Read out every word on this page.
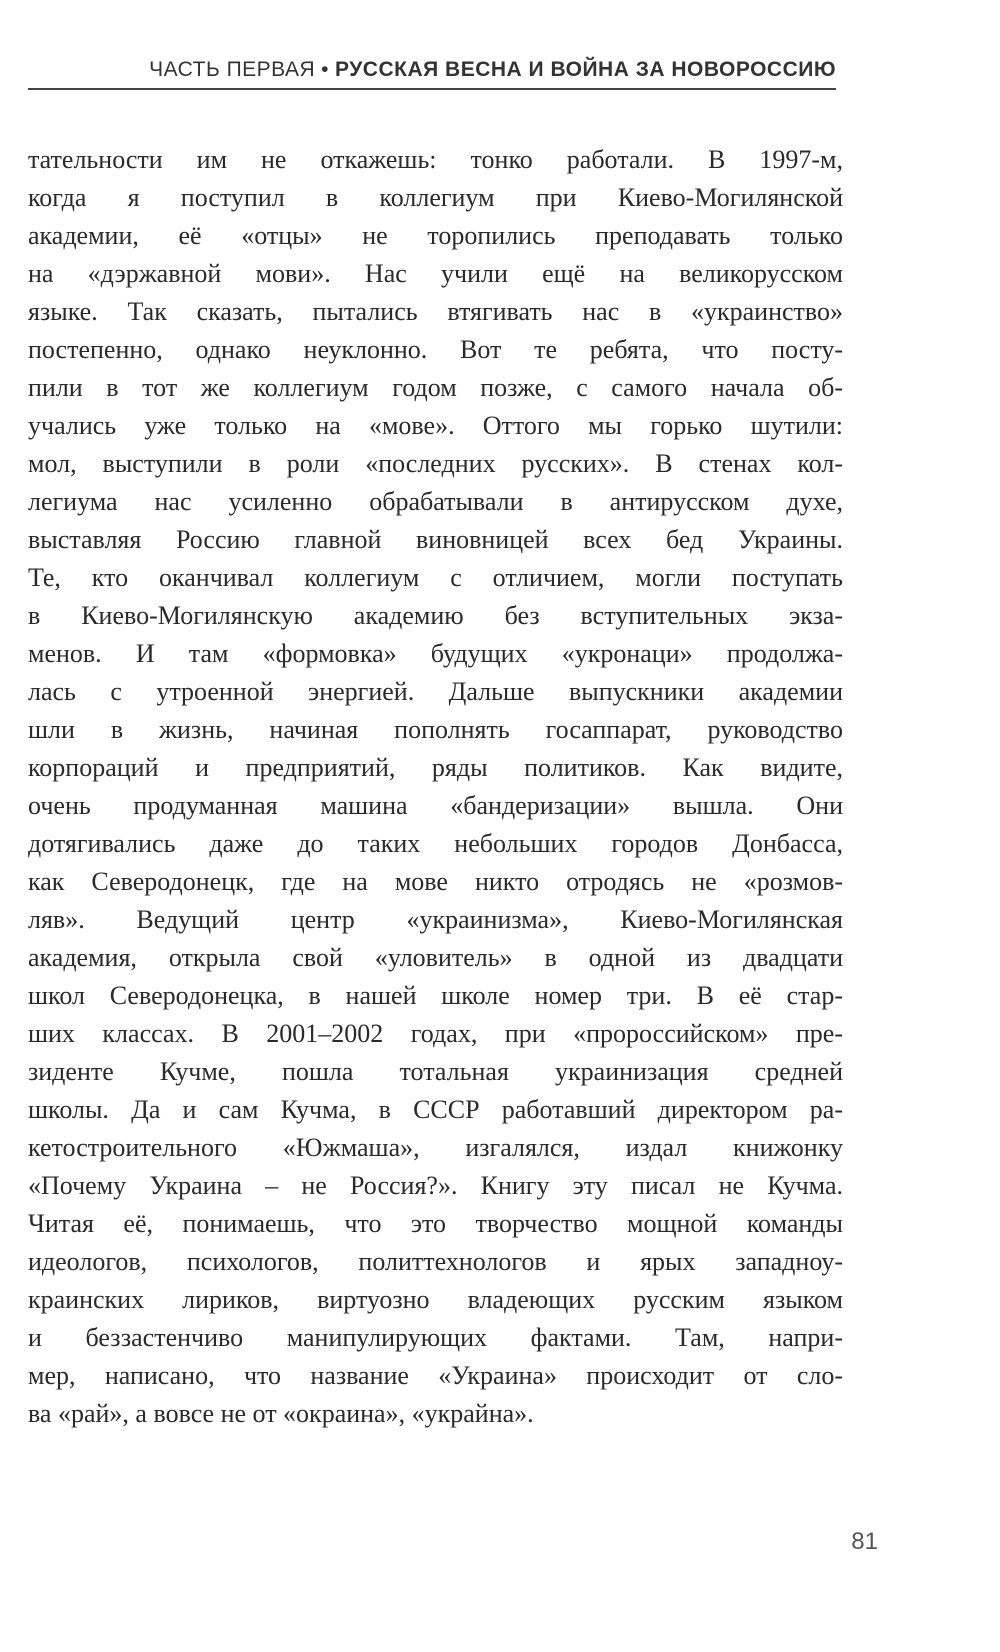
ЧАСТЬ ПЕРВАЯ • РУССКАЯ ВЕСНА И ВОЙНА ЗА НОВОРОССИЮ
тательности им не откажешь: тонко работали. В 1997-м,
когда я поступил в коллегиум при Киево-Могилянской
академии, её «отцы» не торопились преподавать только
на «дэржавной мови». Нас учили ещё на великорусском
языке. Так сказать, пытались втягивать нас в «украинство»
постепенно, однако неуклонно. Вот те ребята, что посту-
пили в тот же коллегиум годом позже, с самого начала об-
учались уже только на «мове». Оттого мы горько шутили:
мол, выступили в роли «последних русских». В стенах кол-
легиума нас усиленно обрабатывали в антирусском духе,
выставляя Россию главной виновницей всех бед Украины.
Те, кто оканчивал коллегиум с отличием, могли поступать
в Киево-Могилянскую академию без вступительных экза-
менов. И там «формовка» будущих «укронаци» продолжа-
лась с утроенной энергией. Дальше выпускники академии
шли в жизнь, начиная пополнять госаппарат, руководство
корпораций и предприятий, ряды политиков. Как видите,
очень продуманная машина «бандеризации» вышла. Они
дотягивались даже до таких небольших городов Донбасса,
как Северодонецк, где на мове никто отродясь не «розмов-
ляв». Ведущий центр «украинизма», Киево-Могилянская
академия, открыла свой «уловитель» в одной из двадцати
школ Северодонецка, в нашей школе номер три. В её стар-
ших классах. В 2001–2002 годах, при «пророссийском» пре-
зиденте Кучме, пошла тотальная украинизация средней
школы. Да и сам Кучма, в СССР работавший директором ра-
кетостроительного «Южмаша», изгалялся, издал книжонку
«Почему Украина – не Россия?». Книгу эту писал не Кучма.
Читая её, понимаешь, что это творчество мощной команды
идеологов, психологов, политтехнологов и ярых западноу-
краинских лириков, виртуозно владеющих русским языком
и беззастенчиво манипулирующих фактами. Там, напри-
мер, написано, что название «Украина» происходит от сло-
ва «рай», а вовсе не от «окраина», «украйна».
81
